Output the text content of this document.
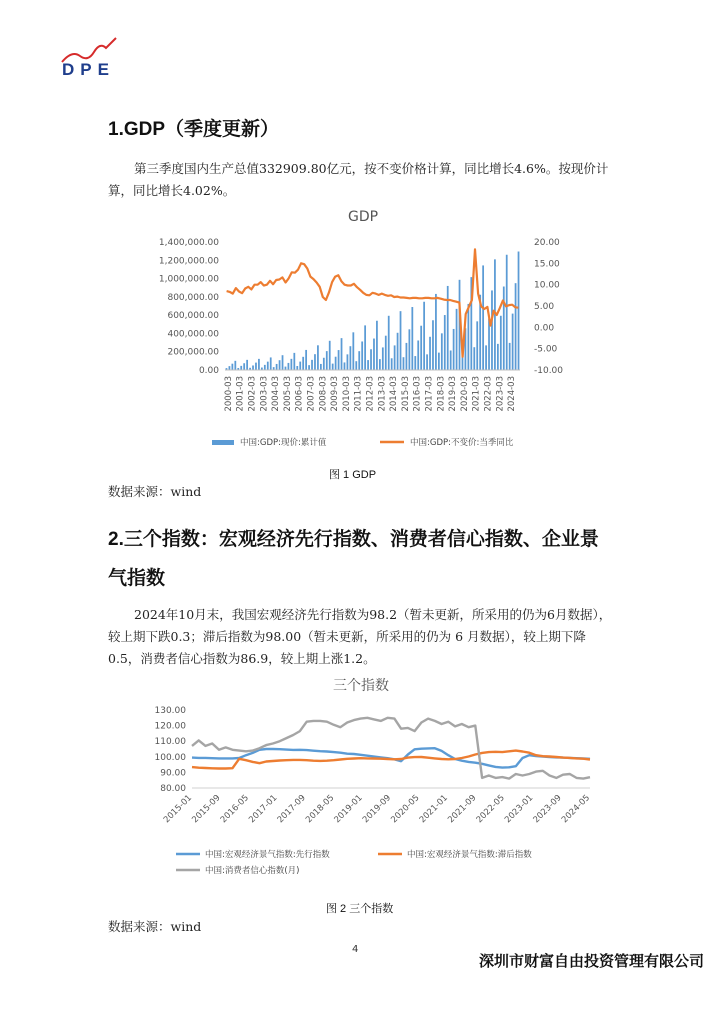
DPE
1.GDP（季度更新）

第三季度国内生产总值332909.80亿元，按不变价格计算，同比增长4.6%。按现价计算，同比增长4.02%。

GDP
1,400,000.00
1,200,000.00
1,000,000.00
800,000.00
600,000.00
400,000.00
200,000.00
0.00
20.00
15.00
10.00
5.00
0.00
-5.00
-10.00
2000-03 2001-03 2002-03 2003-03 2004-03 2005-03 2006-03 2007-03 2008-03 2009-03 2010-03 2011-03 2012-03 2013-03 2014-03 2015-03 2016-03 2017-03 2018-03 2019-03 2020-03 2021-03 2022-03 2023-03 2024-03
中国:GDP:现价:累计值	中国:GDP:不变价:当季同比
图 1 GDP

数据来源：wind

2.三个指数：宏观经济先行指数、消费者信心指数、企业景
气指数

2024年10月末，我国宏观经济先行指数为98.2（暂未更新，所采用的仍为6月数据），较上期下跌0.3；滞后指数为98.00（暂未更新，所采用的仍为 6 月数据），较上期下降0.5，消费者信心指数为86.9，较上期上涨1.2。

三个指数
130.00
120.00
110.00
100.00
90.00
80.00
2015-01
2015-09
2016-05
2017-01
2017-09
2018-05
2019-01
2019-09
2020-05
2021-01
2021-09
2022-05
2023-01
2023-09
2024-05
中国:宏观经济景气指数:先行指数	中国:宏观经济景气指数:滞后指数
中国:消费者信心指数(月)
图 2 三个指数

数据来源：wind

4
深圳市财富自由投资管理有限公司
